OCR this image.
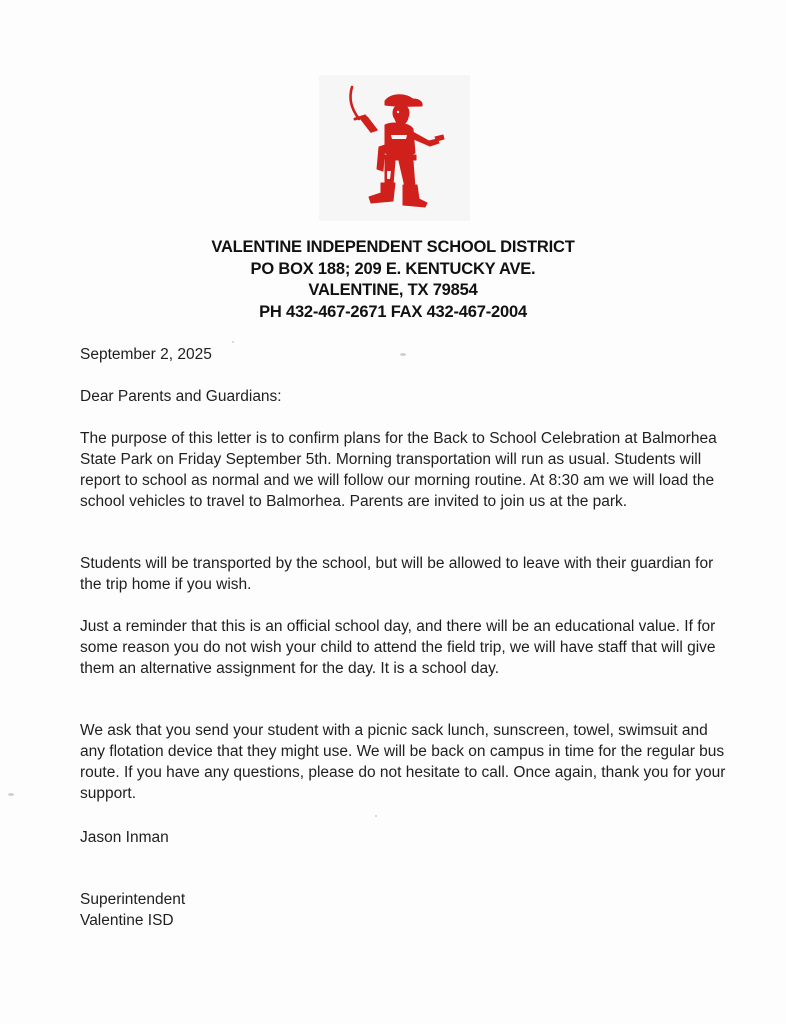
VALENTINE INDEPENDENT SCHOOL DISTRICT
PO BOX 188; 209 E. KENTUCKY AVE.
VALENTINE, TX 79854
PH 432-467-2671 FAX 432-467-2004
September 2, 2025
Dear Parents and Guardians:
The purpose of this letter is to confirm plans for the Back to School Celebration at Balmorhea State Park on Friday September 5th. Morning transportation will run as usual. Students will report to school as normal and we will follow our morning routine. At 8:30 am we will load the school vehicles to travel to Balmorhea. Parents are invited to join us at the park.
Students will be transported by the school, but will be allowed to leave with their guardian for the trip home if you wish.
Just a reminder that this is an official school day, and there will be an educational value. If for some reason you do not wish your child to attend the field trip, we will have staff that will give them an alternative assignment for the day. It is a school day.
We ask that you send your student with a picnic sack lunch, sunscreen, towel, swimsuit and any flotation device that they might use. We will be back on campus in time for the regular bus route. If you have any questions, please do not hesitate to call. Once again, thank you for your support.
Jason Inman
Superintendent
Valentine ISD
